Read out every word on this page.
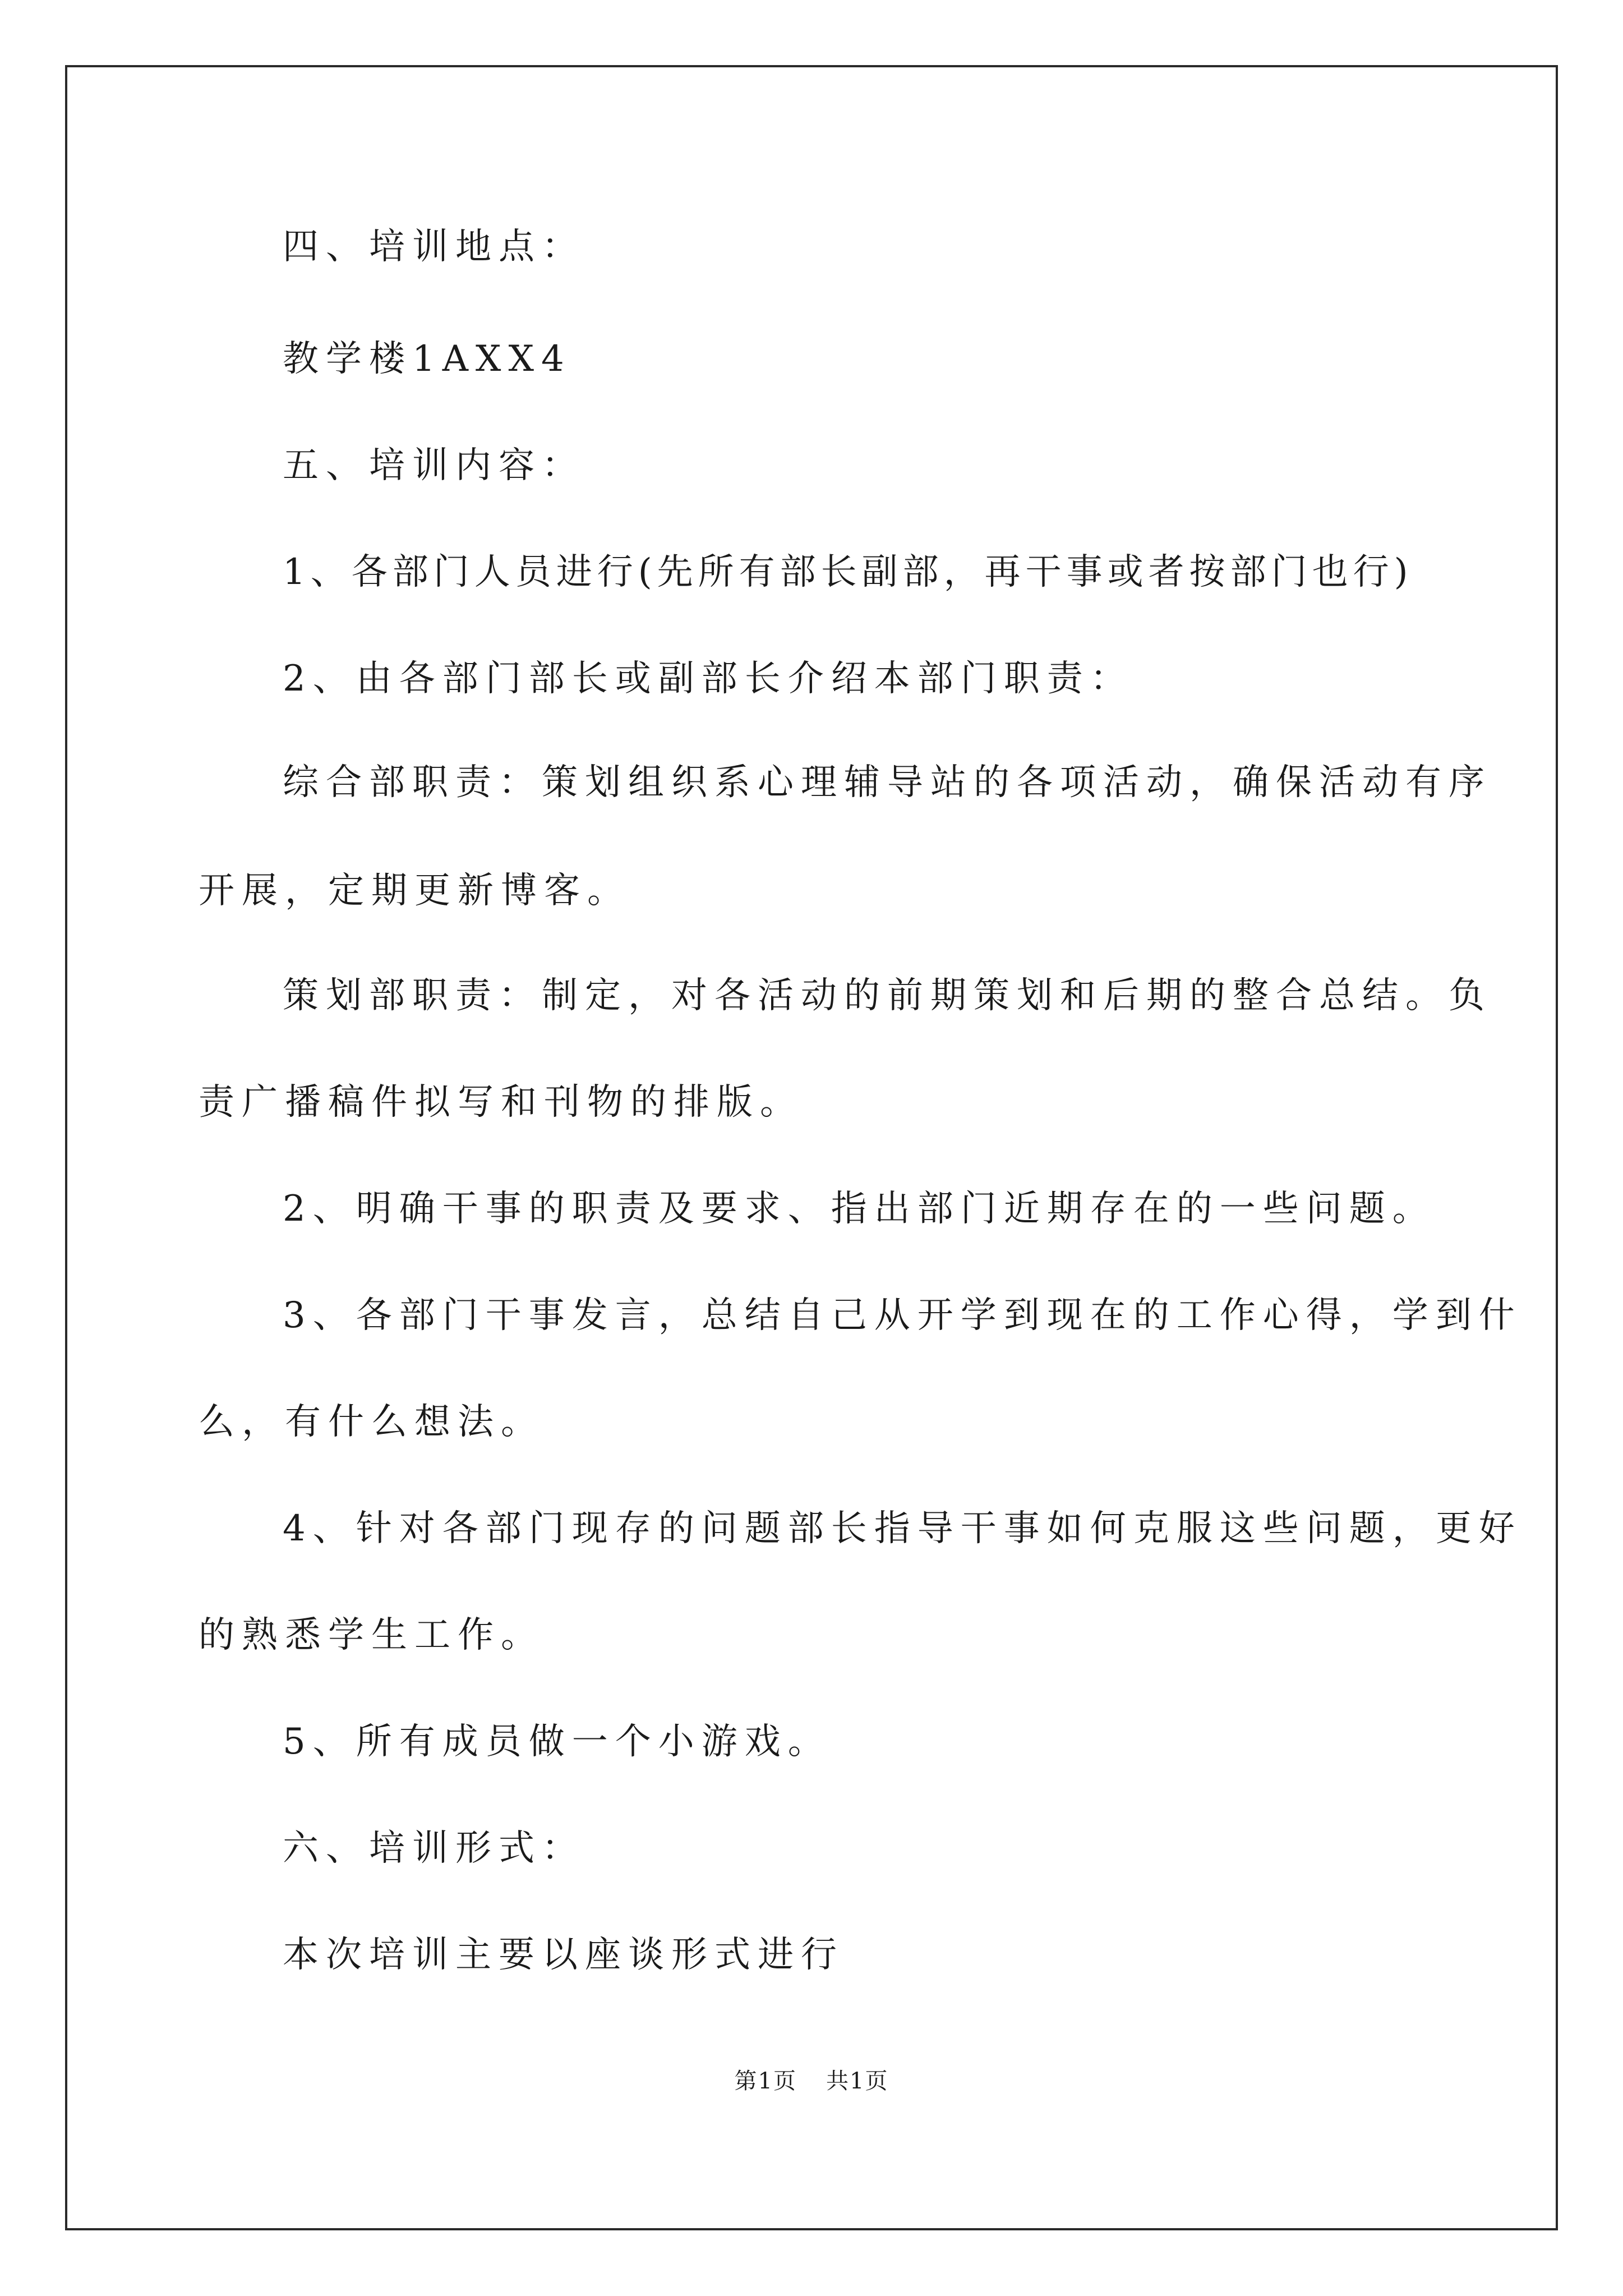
四、培训地点：
教学楼1AXX4
五、培训内容：
1、各部门人员进行(先所有部长副部，再干事或者按部门也行)
2、由各部门部长或副部长介绍本部门职责：
综合部职责：策划组织系心理辅导站的各项活动，确保活动有序
开展，定期更新博客。
策划部职责：制定，对各活动的前期策划和后期的整合总结。负
责广播稿件拟写和刊物的排版。
2、明确干事的职责及要求、指出部门近期存在的一些问题。
3、各部门干事发言，总结自己从开学到现在的工作心得，学到什
么，有什么想法。
4、针对各部门现存的问题部长指导干事如何克服这些问题，更好
的熟悉学生工作。
5、所有成员做一个小游戏。
六、培训形式：
本次培训主要以座谈形式进行
第1页 共1页
